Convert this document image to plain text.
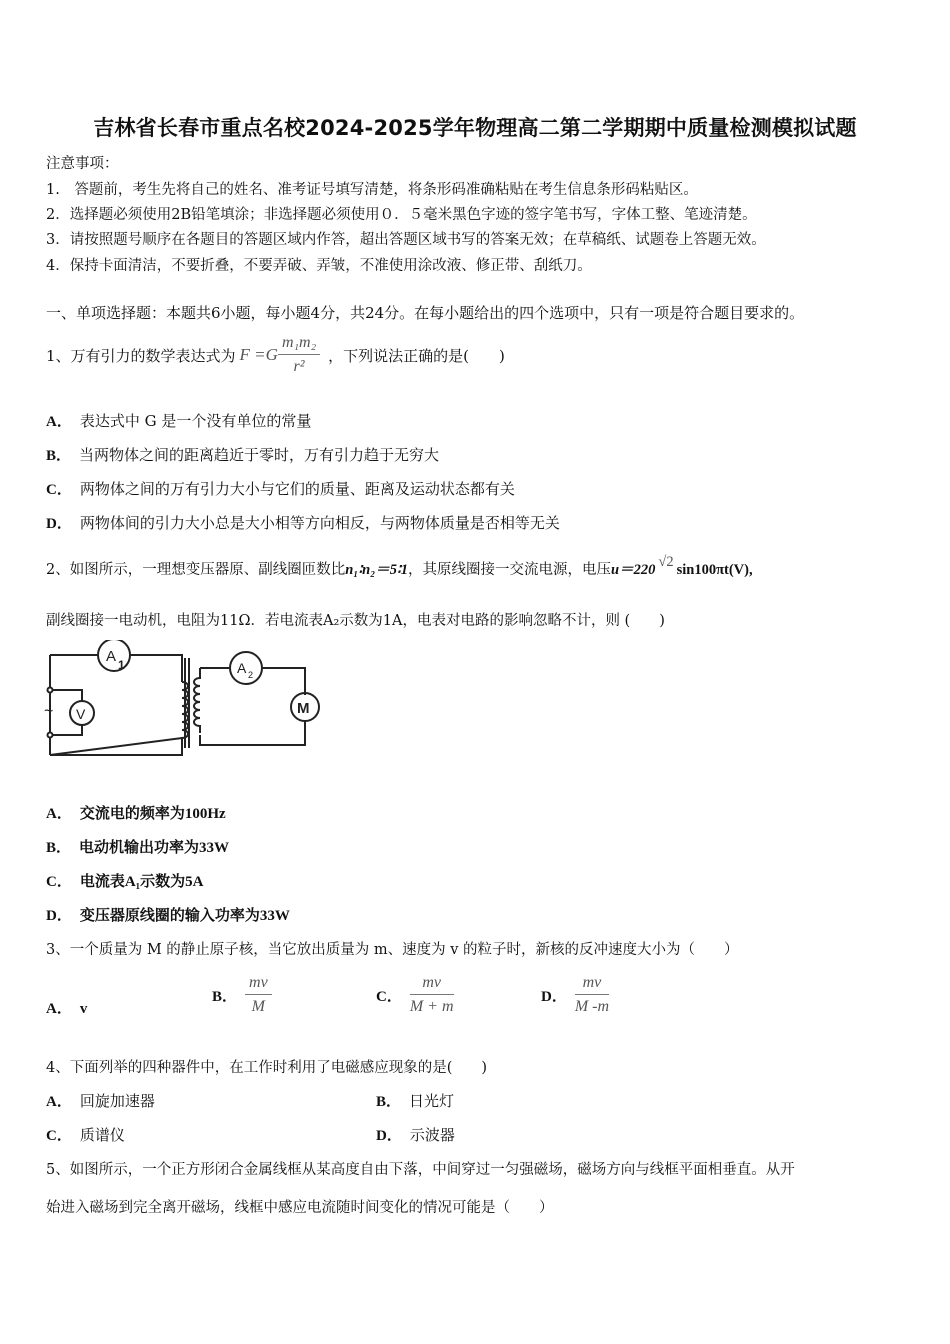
吉林省长春市重点名校2024-2025学年物理高二第二学期期中质量检测模拟试题
注意事项：
1.　答题前，考生先将自己的姓名、准考证号填写清楚，将条形码准确粘贴在考生信息条形码粘贴区。
2．选择题必须使用2B铅笔填涂；非选择题必须使用０．５毫米黑色字迹的签字笔书写，字体工整、笔迹清楚。
3．请按照题号顺序在各题目的答题区域内作答，超出答题区域书写的答案无效；在草稿纸、试题卷上答题无效。
4．保持卡面清洁，不要折叠，不要弄破、弄皱，不准使用涂改液、修正带、刮纸刀。
一、单项选择题：本题共6小题，每小题4分，共24分。在每小题给出的四个选项中，只有一项是符合题目要求的。
1、万有引力的数学表达式为 $F =G \frac{\text{m₁m₂}}{\text{r²}}$ ，下列说法正确的是(　　)
A． 表达式中 G 是一个没有单位的常量
B． 当两物体之间的距离趋近于零时，万有引力趋于无穷大
C． 两物体之间的万有引力大小与它们的质量、距离及运动状态都有关
D． 两物体间的引力大小总是大小相等方向相反，与两物体质量是否相等无关
2、如图所示，一理想变压器原、副线圈匝数比n₁∶n₂＝5∶1，其原线圈接一交流电源，电压u＝220 √2 sin100πt(V),
副线圈接一电动机，电阻为11Ω．若电流表A₂示数为1A，电表对电路的影响忽略不计，则 (　　)
A 1	A 2
V	M
~
A． 交流电的频率为100Hz
B． 电动机输出功率为33W
C． 电流表A₁示数为5A
D． 变压器原线圈的输入功率为33W
3、一个质量为 M 的静止原子核，当它放出质量为 m、速度为 v 的粒子时，新核的反冲速度大小为（　　）
A． v
B． $\frac{mv}{M}$	C． $\frac{mv}{M + m}$	D． $\frac{mv}{M -m}$
4、下面列举的四种器件中，在工作时利用了电磁感应现象的是(　　)
A． 回旋加速器	B． 日光灯
C． 质谱仪	D． 示波器
5、如图所示，一个正方形闭合金属线框从某高度自由下落，中间穿过一匀强磁场，磁场方向与线框平面相垂直。从开
始进入磁场到完全离开磁场，线框中感应电流随时间变化的情况可能是（　　）
